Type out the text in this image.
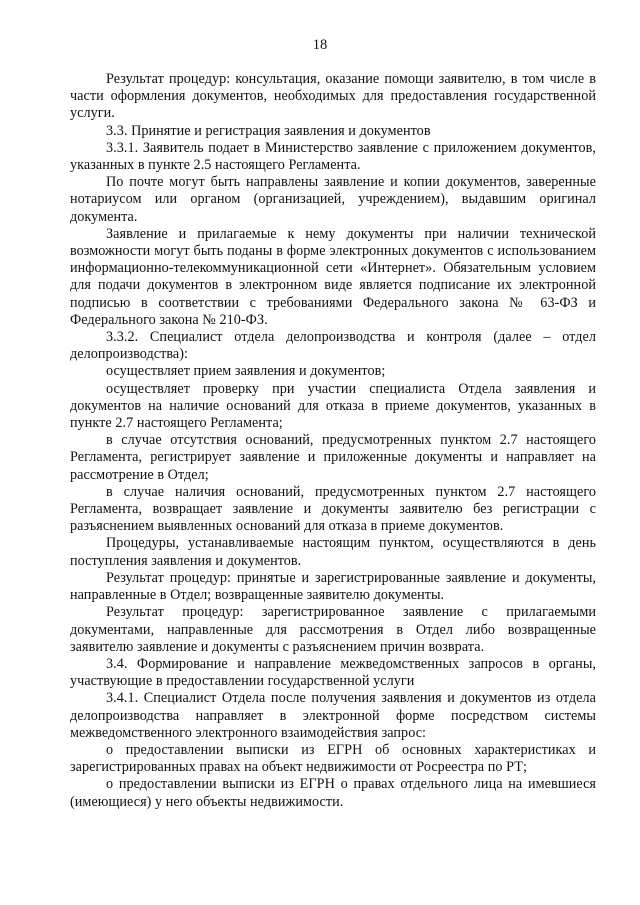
18

Результат процедур: консультация, оказание помощи заявителю, в том числе в части оформления документов, необходимых для предоставления государственной услуги.

3.3. Принятие и регистрация заявления и документов

3.3.1. Заявитель подает в Министерство заявление с приложением документов, указанных в пункте 2.5 настоящего Регламента.

По почте могут быть направлены заявление и копии документов, заверенные нотариусом или органом (организацией, учреждением), выдавшим оригинал документа.

Заявление и прилагаемые к нему документы при наличии технической возможности могут быть поданы в форме электронных документов с использованием информационно-телекоммуникационной сети «Интернет». Обязательным условием для подачи документов в электронном виде является подписание их электронной подписью в соответствии с требованиями Федерального закона № 63-ФЗ и Федерального закона № 210-ФЗ.

3.3.2. Специалист отдела делопроизводства и контроля (далее – отдел делопроизводства):

осуществляет прием заявления и документов;

осуществляет проверку при участии специалиста Отдела заявления и документов на наличие оснований для отказа в приеме документов, указанных в пункте 2.7 настоящего Регламента;

в случае отсутствия оснований, предусмотренных пунктом 2.7 настоящего Регламента, регистрирует заявление и приложенные документы и направляет на рассмотрение в Отдел;

в случае наличия оснований, предусмотренных пунктом 2.7 настоящего Регламента, возвращает заявление и документы заявителю без регистрации с разъяснением выявленных оснований для отказа в приеме документов.

Процедуры, устанавливаемые настоящим пунктом, осуществляются в день поступления заявления и документов.

Результат процедур: принятые и зарегистрированные заявление и документы, направленные в Отдел; возвращенные заявителю документы.

Результат процедур: зарегистрированное заявление с прилагаемыми документами, направленные для рассмотрения в Отдел либо возвращенные заявителю заявление и документы с разъяснением причин возврата.

3.4. Формирование и направление межведомственных запросов в органы, участвующие в предоставлении государственной услуги

3.4.1. Специалист Отдела после получения заявления и документов из отдела делопроизводства направляет в электронной форме посредством системы межведомственного электронного взаимодействия запрос:

о предоставлении выписки из ЕГРН об основных характеристиках и зарегистрированных правах на объект недвижимости от Росреестра по РТ;

о предоставлении выписки из ЕГРН о правах отдельного лица на имевшиеся (имеющиеся) у него объекты недвижимости.
